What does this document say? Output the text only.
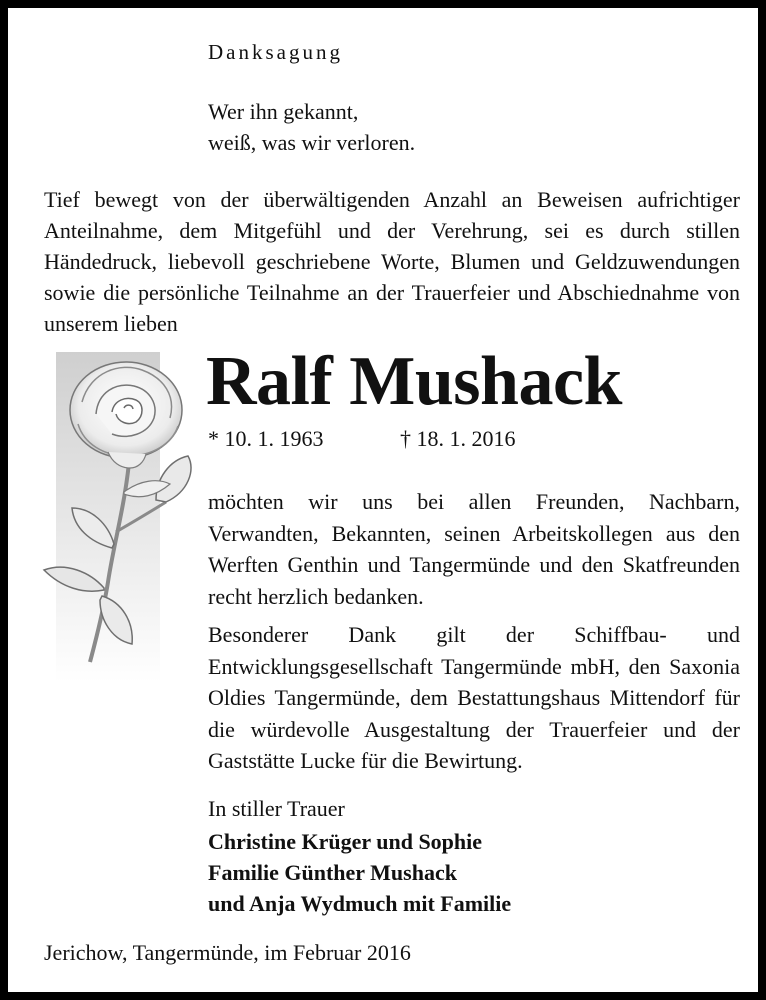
Danksagung
Wer ihn gekannt,
weiß, was wir verloren.

Tief bewegt von der überwältigenden Anzahl an Beweisen aufrichtiger Anteilnahme, dem Mitgefühl und der Verehrung, sei es durch stillen Händedruck, liebevoll geschriebene Worte, Blumen und Geldzuwendungen sowie die persönliche Teilnahme an der Trauerfeier und Abschiednahme von unserem lieben

Ralf Mushack
* 10. 1. 1963	† 18. 1. 2016

möchten wir uns bei allen Freunden, Nachbarn, Verwandten, Bekannten, seinen Arbeitskollegen aus den Werften Genthin und Tangermünde und den Skatfreunden recht herzlich bedanken.

Besonderer Dank gilt der Schiffbau- und Entwicklungsgesellschaft Tangermünde mbH, den Saxonia Oldies Tangermünde, dem Bestattungshaus Mittendorf für die würdevolle Ausgestaltung der Trauerfeier und der Gaststätte Lucke für die Bewirtung.

In stiller Trauer
Christine Krüger und Sophie
Familie Günther Mushack
und Anja Wydmuch mit Familie
Jerichow, Tangermünde, im Februar 2016
